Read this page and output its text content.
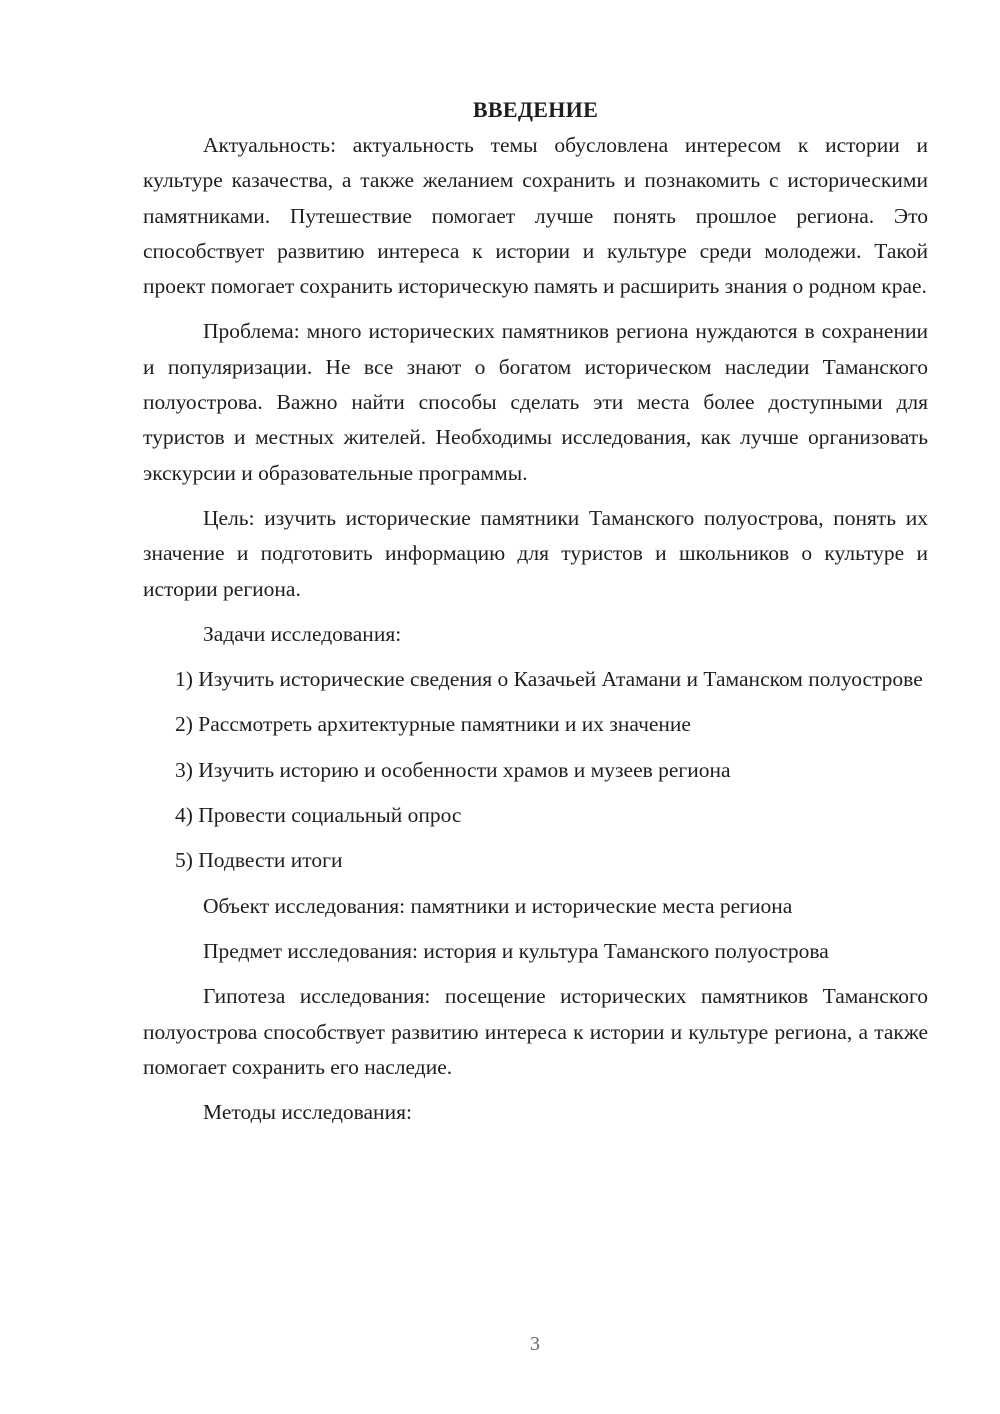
ВВЕДЕНИЕ

Актуальность: актуальность темы обусловлена интересом к истории и культуре казачества, а также желанием сохранить и познакомить с историческими памятниками. Путешествие помогает лучше понять прошлое региона. Это способствует развитию интереса к истории и культуре среди молодежи. Такой проект помогает сохранить историческую память и расширить знания о родном крае.

Проблема: много исторических памятников региона нуждаются в сохранении и популяризации. Не все знают о богатом историческом наследии Таманского полуострова. Важно найти способы сделать эти места более доступными для туристов и местных жителей. Необходимы исследования, как лучше организовать экскурсии и образовательные программы.

Цель: изучить исторические памятники Таманского полуострова, понять их значение и подготовить информацию для туристов и школьников о культуре и истории региона.

Задачи исследования:

1) Изучить исторические сведения о Казачьей Атамани и Таманском полуострове

2) Рассмотреть архитектурные памятники и их значение

3) Изучить историю и особенности храмов и музеев региона

4) Провести социальный опрос

5) Подвести итоги

Объект исследования: памятники и исторические места региона

Предмет исследования: история и культура Таманского полуострова

Гипотеза исследования: посещение исторических памятников Таманского полуострова способствует развитию интереса к истории и культуре региона, а также помогает сохранить его наследие.

Методы исследования:

3
